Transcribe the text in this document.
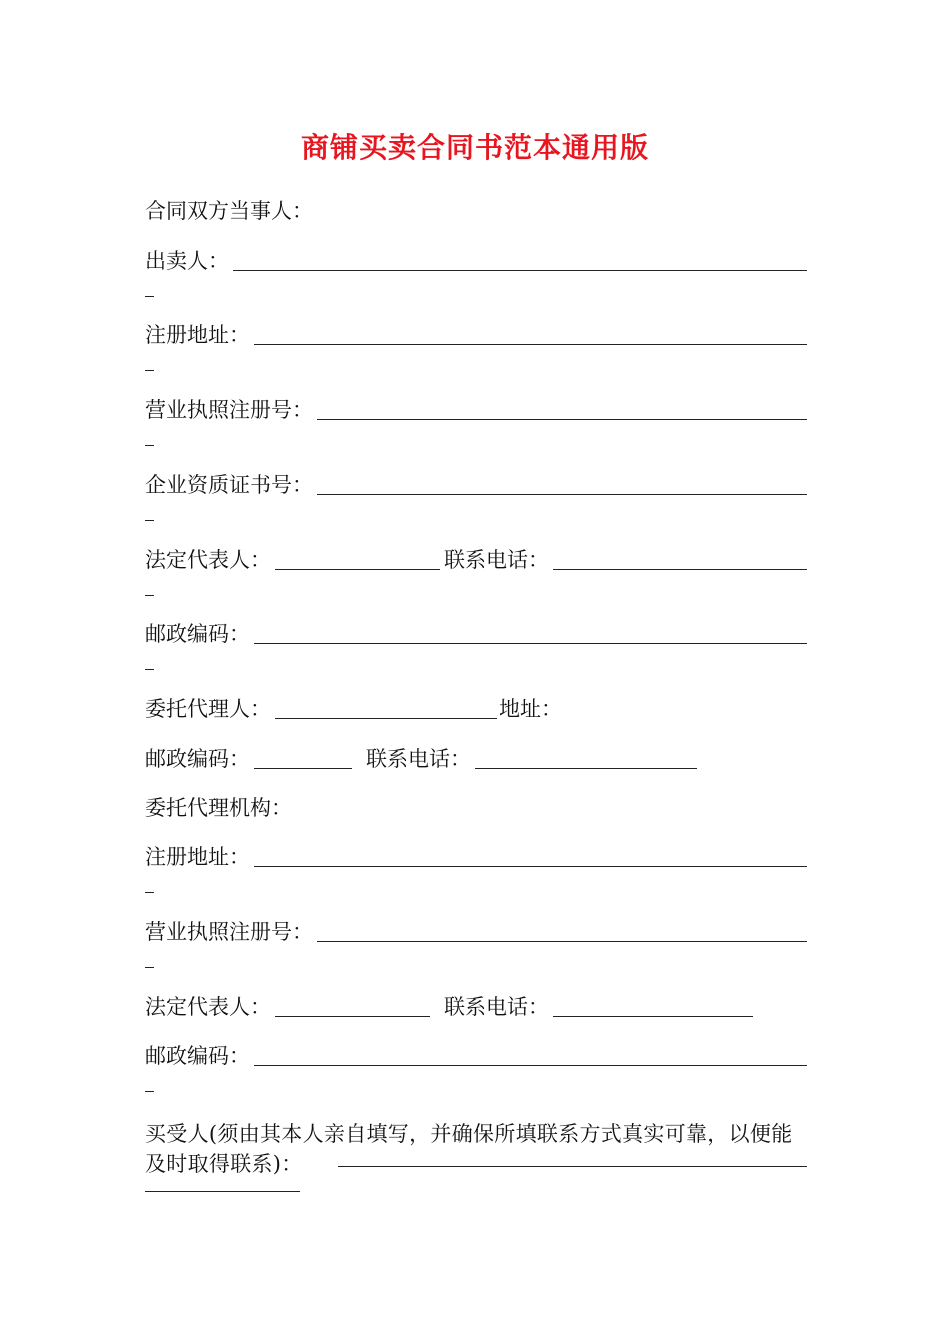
商铺买卖合同书范本通用版
合同双方当事人：
出卖人：
注册地址：
营业执照注册号：
企业资质证书号：
法定代表人：	联系电话：
邮政编码：
委托代理人：	地址：
邮政编码：	联系电话：
委托代理机构：
注册地址：
营业执照注册号：
法定代表人：	联系电话：
邮政编码：
买受人(须由其本人亲自填写，并确保所填联系方式真实可靠，以便能及时取得联系)：
